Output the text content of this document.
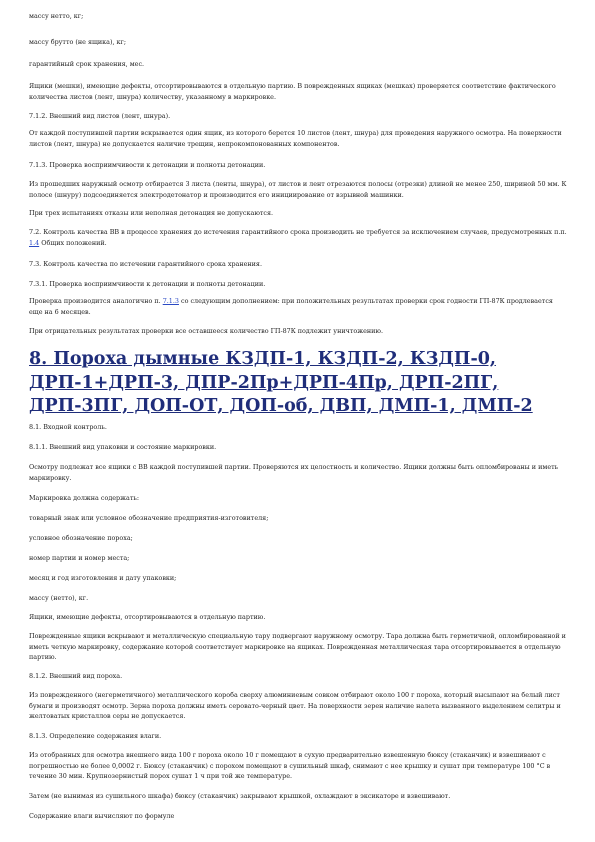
массу нетто, кг;

массу брутто (не ящика), кг;

гарантийный срок хранения, мес.

Ящики (мешки), имеющие дефекты, отсортировываются в отдельную партию. В поврежденных ящиках (мешках) проверяется соответствие фактического количества листов (лент, шнура) количеству, указанному в маркировке.

7.1.2. Внешний вид листов (лент, шнура).

От каждой поступившей партии вскрывается один ящик, из которого берется 10 листов (лент, шнура) для проведения наружного осмотра. На поверхности листов (лент, шнура) не допускается наличие трещин, непрокомпонованных компонентов.

7.1.3. Проверка восприимчивости к детонации и полноты детонации.

Из прошедших наружный осмотр отбирается 3 листа (ленты, шнура), от листов и лент отрезаются полосы (отрезки) длиной не менее 250, шириной 50 мм. К полосе (шнуру) подсоединяется электродетонатор и производится его инициирование от взрывной машинки.

При трех испытаниях отказы или неполная детонация не допускаются.

7.2. Контроль качества ВВ в процессе хранения до истечения гарантийного срока производить не требуется за исключением случаев, предусмотренных п.п. 1.4 Общих положений.

7.3. Контроль качества по истечении гарантийного срока хранения.

7.3.1. Проверка восприимчивости к детонации и полноты детонации.

Проверка производится аналогично п. 7.1.3 со следующим дополнением: при положительных результатах проверки срок годности ГП-87К продлевается еще на 6 месяцев.

При отрицательных результатах проверки все оставшееся количество ГП-87К подлежит уничтожению.

8. Пороха дымные КЗДП-1, КЗДП-2, КЗДП-0, ДРП-1+ДРП-3, ДПР-2Пр+ДРП-4Пр, ДРП-2ПГ, ДРП-3ПГ, ДОП-ОТ, ДОП-об, ДВП, ДМП-1, ДМП-2

8.1. Входной контроль.

8.1.1. Внешний вид упаковки и состояние маркировки.

Осмотру подлежат все ящики с ВВ каждой поступившей партии. Проверяются их целостность и количество. Ящики должны быть опломбированы и иметь маркировку.

Маркировка должна содержать:

товарный знак или условное обозначение предприятия-изготовителя;

условное обозначение пороха;

номер партии и номер места;

месяц и год изготовления и дату упаковки;

массу (нетто), кг.

Ящики, имеющие дефекты, отсортировываются в отдельную партию.

Поврежденные ящики вскрывают и металлическую специальную тару подвергают наружному осмотру. Тара должна быть герметичной, опломбированной и иметь четкую маркировку, содержание которой соответствует маркировке на ящиках. Поврежденная металлическая тара отсортировывается в отдельную партию.

8.1.2. Внешний вид пороха.

Из поврежденного (негерметичного) металлического короба сверху алюминиевым совком отбирают около 100 г пороха, который высыпают на белый лист бумаги и производят осмотр. Зерна пороха должны иметь серовато-черный цвет. На поверхности зерен наличие налета вызванного выделением селитры и желтоватых кристаллов серы не допускается.

8.1.3. Определение содержания влаги.

Из отобранных для осмотра внешнего вида 100 г пороха около 10 г помещают в сухую предварительно взвешенную бюксу (стаканчик) и взвешивают с погрешностью не более 0,0002 г. Бюксу (стаканчик) с порохом помещают в сушильный шкаф, снимают с нее крышку и сушат при температуре 100 °С в течение 30 мин. Крупнозернистый порох сушат 1 ч при той же температуре.

Затем (не вынимая из сушильного шкафа) бюксу (стаканчик) закрывают крышкой, охлаждают в эксикаторе и взвешивают.

Содержание влаги вычисляют по формуле
